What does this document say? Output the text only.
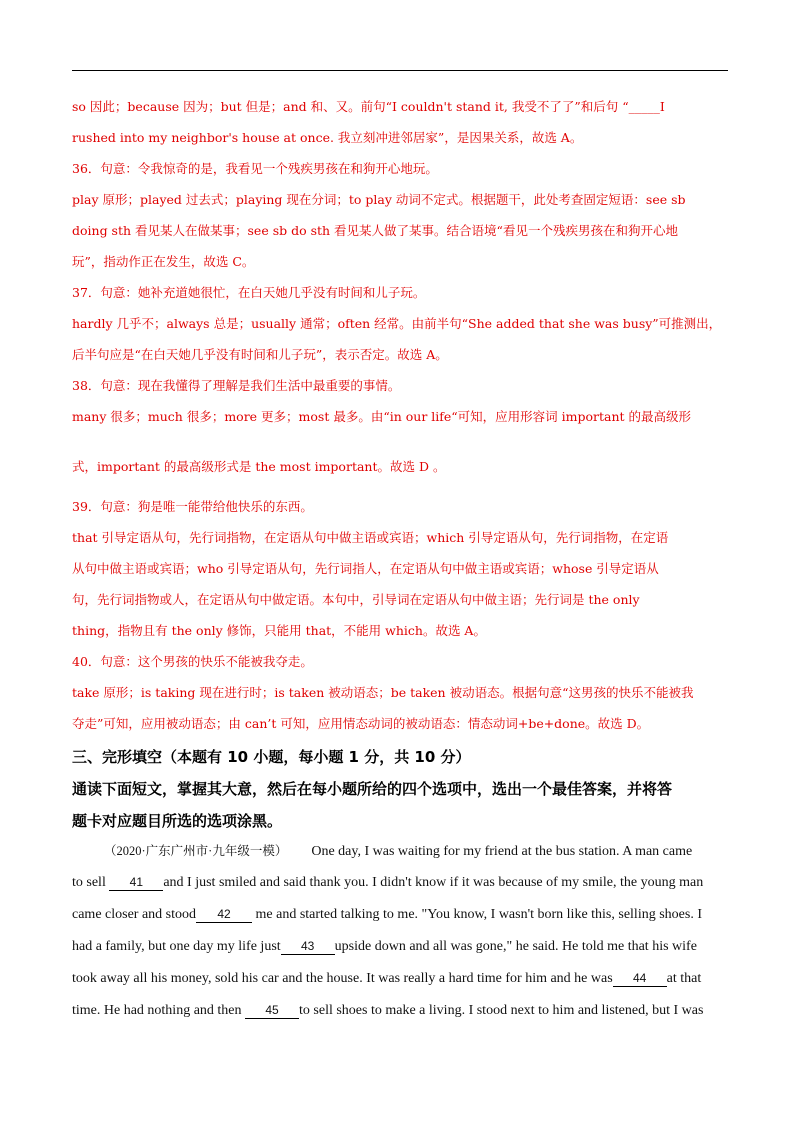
so 因此；because 因为；but 但是；and 和、又。前句“I couldn't stand it, 我受不了了”和后句 “_____I
rushed into my neighbor's house at once. 我立刻冲进邻居家”，是因果关系，故选 A。
36．句意：令我惊奇的是，我看见一个残疾男孩在和狗开心地玩。
play 原形；played 过去式；playing 现在分词；to play 动词不定式。根据题干，此处考查固定短语：see sb
doing sth 看见某人在做某事；see sb do sth 看见某人做了某事。结合语境“看见一个残疾男孩在和狗开心地
玩”，指动作正在发生，故选 C。
37．句意：她补充道她很忙，在白天她几乎没有时间和儿子玩。
hardly 几乎不；always 总是；usually 通常；often 经常。由前半句“She added that she was busy”可推测出，
后半句应是“在白天她几乎没有时间和儿子玩”，表示否定。故选 A。
38．句意：现在我懂得了理解是我们生活中最重要的事情。
many 很多；much 很多；more 更多；most 最多。由“in our life“可知，应用形容词 important 的最高级形
式，important 的最高级形式是 the most important。故选 D 。
39．句意：狗是唯一能带给他快乐的东西。
that 引导定语从句，先行词指物，在定语从句中做主语或宾语；which 引导定语从句，先行词指物，在定语
从句中做主语或宾语；who 引导定语从句，先行词指人，在定语从句中做主语或宾语；whose 引导定语从
句，先行词指物或人，在定语从句中做定语。本句中，引导词在定语从句中做主语；先行词是 the only
thing，指物且有 the only 修饰，只能用 that，不能用 which。故选 A。
40．句意：这个男孩的快乐不能被我夺走。
take 原形；is taking 现在进行时；is taken 被动语态；be taken 被动语态。根据句意“这男孩的快乐不能被我
夺走”可知，应用被动语态；由 can’t 可知，应用情态动词的被动语态：情态动词+be+done。故选 D。
三、完形填空（本题有 10 小题，每小题 1 分，共 10 分）
通读下面短文，掌握其大意，然后在每小题所给的四个选项中，选出一个最佳答案，并将答
题卡对应题目所选的选项涂黑。
（2020·广东广州市·九年级一模） One day, I was waiting for my friend at the bus station. A man came
to sell 41 and I just smiled and said thank you. I didn't know if it was because of my smile, the young man
came closer and stood 42 me and started talking to me. "You know, I wasn't born like this, selling shoes. I
had a family, but one day my life just 43 upside down and all was gone," he said. He told me that his wife
took away all his money, sold his car and the house. It was really a hard time for him and he was 44 at that
time. He had nothing and then 45 to sell shoes to make a living. I stood next to him and listened, but I was
